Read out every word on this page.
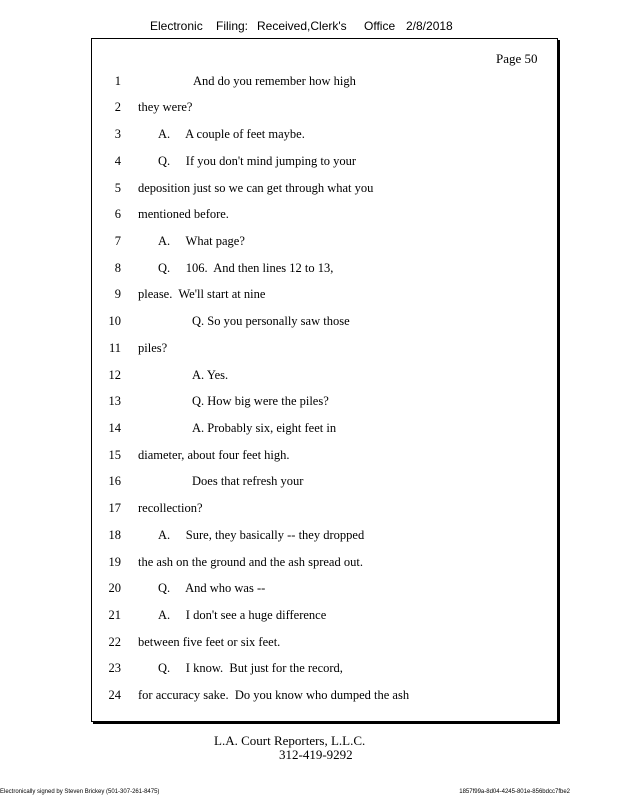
Electronic Filing: Received,Clerk's Office 2/8/2018
Page 50
1	And do you remember how high
2 they were?
3	A.     A couple of feet maybe.
4	Q.     If you don't mind jumping to your
5 deposition just so we can get through what you
6 mentioned before.
7	A.     What page?
8	Q.     106.  And then lines 12 to 13,
9 please.  We'll start at nine
10	Q. So you personally saw those
11 piles?
12	A. Yes.
13	Q. How big were the piles?
14	A. Probably six, eight feet in
15 diameter, about four feet high.
16	Does that refresh your
17 recollection?
18	A.     Sure, they basically -- they dropped
19 the ash on the ground and the ash spread out.
20	Q.     And who was --
21	A.     I don't see a huge difference
22 between five feet or six feet.
23	Q.     I know.  But just for the record,
24 for accuracy sake.  Do you know who dumped the ash
L.A. Court Reporters, L.L.C.
312-419-9292
Electronically signed by Steven Brickey (501-307-261-8475)	1857f99a-8d04-4245-801e-856bdcc7fbe2
